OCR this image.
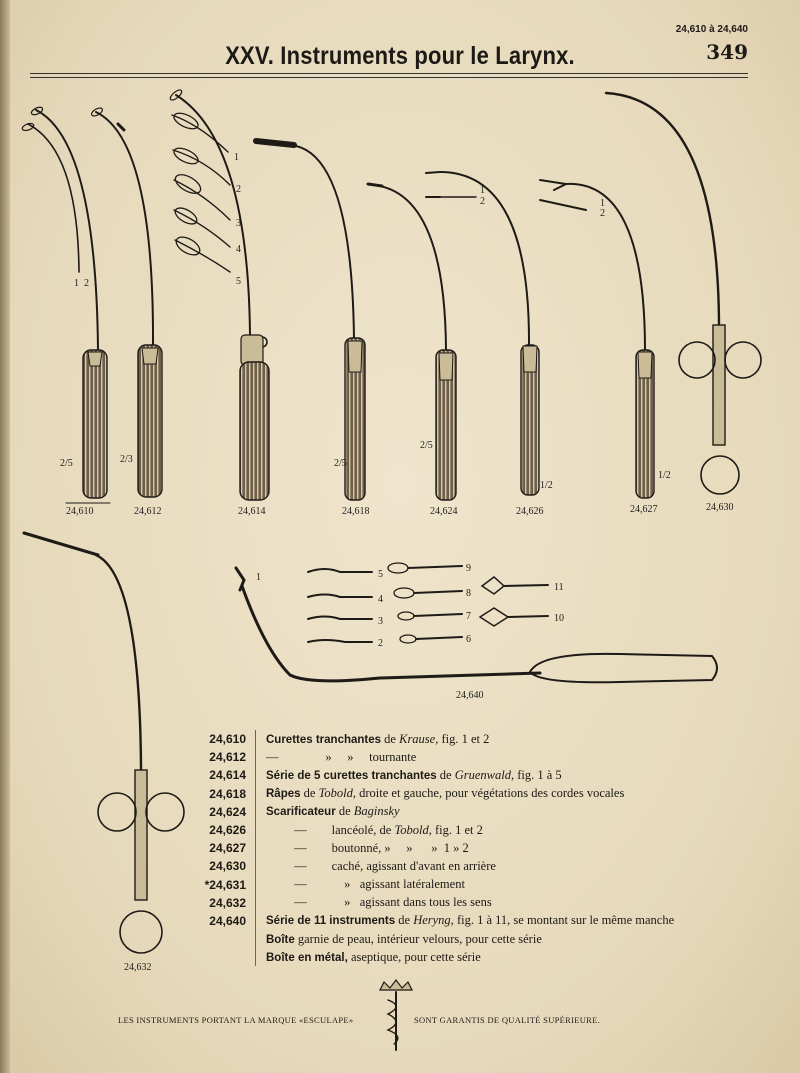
24,610 à 24,640
349
XXV. Instruments pour le Larynx.
24,610	24,612	24,614	24,618	24,624	24,626	24,627	24,630
24,640
24,632
1 2
1
2
3
4
5
1
2	1
2
1	5
4
3
2
9
8
7
6
11
10
2/5	2/3	2/5
2/5
1/2
1/2
24,610	Curettes tranchantes de Krause, fig. 1 et 2
24,612	—               »     »     tournante
24,614	Série de 5 curettes tranchantes de Gruenwald, fig. 1 à 5
24,618	Râpes de Tobold, droite et gauche, pour végétations des cordes vocales
24,624	Scarificateur de Baginsky
24,626	—        lancéolé, de Tobold, fig. 1 et 2
24,627	—        boutonné, »     »      »  1 » 2
24,630	—        caché, agissant d'avant en arrière
*24,631	—            »   agissant latéralement
24,632	—            »   agissant dans tous les sens
24,640	Série de 11 instruments de Heryng, fig. 1 à 11, se montant sur le même manche
Boîte garnie de peau, intérieur velours, pour cette série
Boîte en métal, aseptique, pour cette série
LES INSTRUMENTS PORTANT LA MARQUE «ESCULAPE»	SONT GARANTIS DE QUALITÉ SUPÉRIEURE.
